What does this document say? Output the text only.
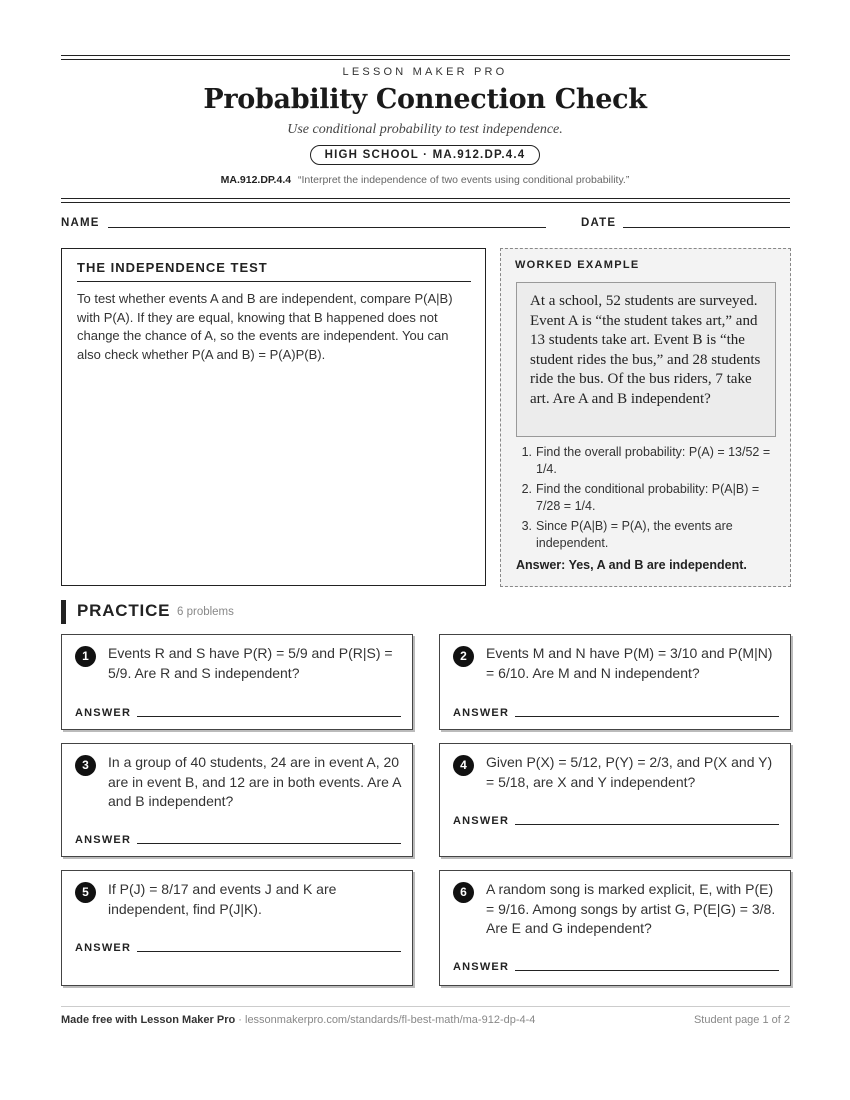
LESSON MAKER PRO
Probability Connection Check
Use conditional probability to test independence.
HIGH SCHOOL · MA.912.DP.4.4
MA.912.DP.4.4 “Interpret the independence of two events using conditional probability.”
NAME	DATE
THE INDEPENDENCE TEST
To test whether events A and B are independent, compare P(A|B) with P(A). If they are equal, knowing that B happened does not change the chance of A, so the events are independent. You can also check whether P(A and B) = P(A)P(B).
WORKED EXAMPLE
At a school, 52 students are surveyed. Event A is “the student takes art,” and 13 students take art. Event B is “the student rides the bus,” and 28 students ride the bus. Of the bus riders, 7 take art. Are A and B independent?
1. Find the overall probability: P(A) = 13/52 = 1/4.
2. Find the conditional probability: P(A|B) = 7/28 = 1/4.
3. Since P(A|B) = P(A), the events are independent.
Answer: Yes, A and B are independent.
PRACTICE 6 problems
1	Events R and S have P(R) = 5/9 and P(R|S) = 5/9. Are R and S independent?
ANSWER
2	Events M and N have P(M) = 3/10 and P(M|N) = 6/10. Are M and N independent?
ANSWER
3	In a group of 40 students, 24 are in event A, 20 are in event B, and 12 are in both events. Are A and B independent?
ANSWER
4	Given P(X) = 5/12, P(Y) = 2/3, and P(X and Y) = 5/18, are X and Y independent?
ANSWER
5	If P(J) = 8/17 and events J and K are independent, find P(J|K).
ANSWER
6	A random song is marked explicit, E, with P(E) = 9/16. Among songs by artist G, P(E|G) = 3/8. Are E and G independent?
ANSWER
Made free with Lesson Maker Pro · lessonmakerpro.com/standards/fl-best-math/ma-912-dp-4-4	Student page 1 of 2
